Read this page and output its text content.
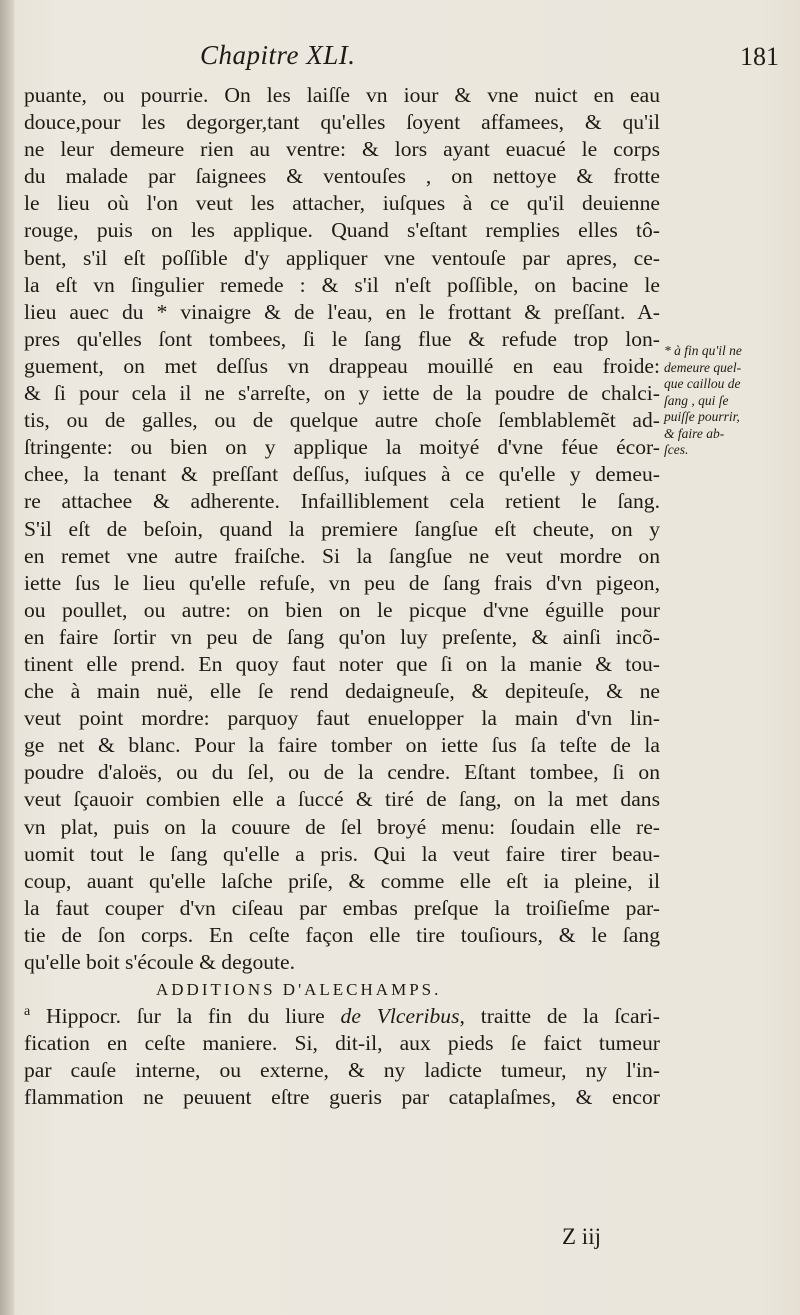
Chapitre XLI.	181
puante, ou pourrie. On les laiſſe vn iour & vne nuict en eau
douce,pour les degorger,tant qu'elles ſoyent affamees, & qu'il
ne leur demeure rien au ventre: & lors ayant euacué le corps
du malade par ſaignees & ventouſes , on nettoye & frotte
le lieu où l'on veut les attacher, iuſques à ce qu'il deuienne
rouge, puis on les applique. Quand s'eſtant remplies elles tô-
bent, s'il eſt poſſible d'y appliquer vne ventouſe par apres, ce-
la eſt vn ſingulier remede : & s'il n'eſt poſſible, on bacine le
lieu auec du * vinaigre & de l'eau, en le frottant & preſſant. A-
pres qu'elles ſont tombees, ſi le ſang flue & refude trop lon-
guement, on met deſſus vn drappeau mouillé en eau froide:
& ſi pour cela il ne s'arreſte, on y iette de la poudre de chalci-
tis, ou de galles, ou de quelque autre choſe ſemblablemẽt ad-
ſtringente: ou bien on y applique la moityé d'vne féue écor-
chee, la tenant & preſſant deſſus, iuſques à ce qu'elle y demeu-
re attachee & adherente. Infailliblement cela retient le ſang.
S'il eſt de beſoin, quand la premiere ſangſue eſt cheute, on y
en remet vne autre fraiſche. Si la ſangſue ne veut mordre on
iette ſus le lieu qu'elle refuſe, vn peu de ſang frais d'vn pigeon,
ou poullet, ou autre: on bien on le picque d'vne éguille pour
en faire ſortir vn peu de ſang qu'on luy preſente, & ainſi incõ-
tinent elle prend. En quoy faut noter que ſi on la manie & tou-
che à main nuë, elle ſe rend dedaigneuſe, & depiteuſe, & ne
veut point mordre: parquoy faut enuelopper la main d'vn lin-
ge net & blanc. Pour la faire tomber on iette ſus ſa teſte de la
poudre d'aloës, ou du ſel, ou de la cendre. Eſtant tombee, ſi on
veut ſçauoir combien elle a ſuccé & tiré de ſang, on la met dans
vn plat, puis on la couure de ſel broyé menu: ſoudain elle re-
uomit tout le ſang qu'elle a pris. Qui la veut faire tirer beau-
coup, auant qu'elle laſche priſe, & comme elle eſt ia pleine, il
la faut couper d'vn ciſeau par embas preſque la troiſieſme par-
tie de ſon corps. En ceſte façon elle tire touſiours, & le ſang
qu'elle boit s'écoule & degoute.
ADDITIONS D'ALECHAMPS.
$^a$ Hippocr. ſur la fin du liure de Vlceribus, traitte de la ſcari-
fication en ceſte maniere. Si, dit-il, aux pieds ſe faict tumeur
par cauſe interne, ou externe, & ny ladicte tumeur, ny l'in-
flammation ne peuuent eſtre gueris par cataplaſmes, & encor
* à fin qu'il ne
demeure quel-
que caillou de
ſang , qui ſe
puiſſe pourrir,
& faire ab-
ſces.
Z iij
